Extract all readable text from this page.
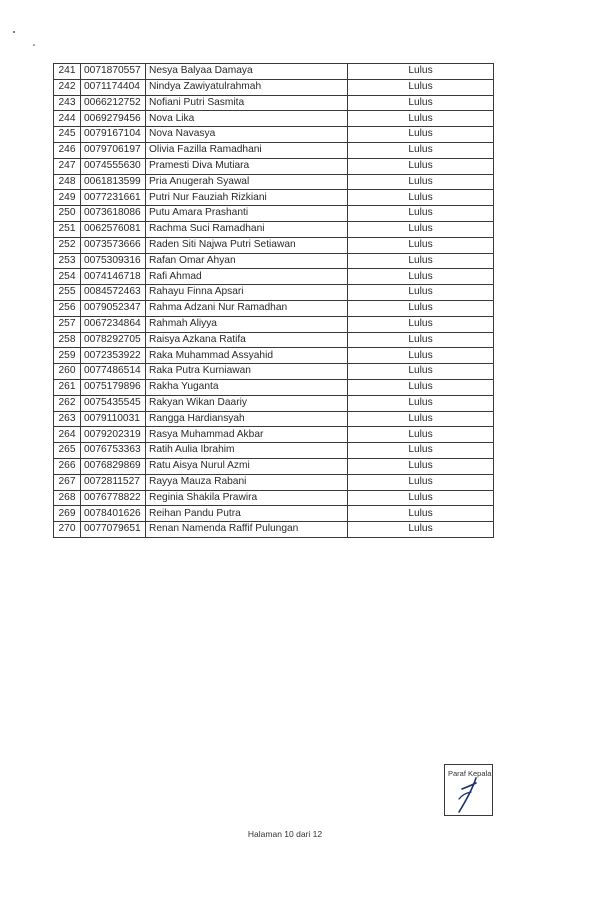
241	0071870557	Nesya Balyaa Damaya	Lulus
242	0071174404	Nindya Zawiyatulrahmah	Lulus
243	0066212752	Nofiani Putri Sasmita	Lulus
244	0069279456	Nova Lika	Lulus
245	0079167104	Nova Navasya	Lulus
246	0079706197	Olivia Fazilla Ramadhani	Lulus
247	0074555630	Pramesti Diva Mutiara	Lulus
248	0061813599	Pria Anugerah Syawal	Lulus
249	0077231661	Putri Nur Fauziah Rizkiani	Lulus
250	0073618086	Putu Amara Prashanti	Lulus
251	0062576081	Rachma Suci Ramadhani	Lulus
252	0073573666	Raden Siti Najwa Putri Setiawan	Lulus
253	0075309316	Rafan Omar Ahyan	Lulus
254	0074146718	Rafi Ahmad	Lulus
255	0084572463	Rahayu Finna Apsari	Lulus
256	0079052347	Rahma Adzani Nur Ramadhan	Lulus
257	0067234864	Rahmah Aliyya	Lulus
258	0078292705	Raisya Azkana Ratifa	Lulus
259	0072353922	Raka Muhammad Assyahid	Lulus
260	0077486514	Raka Putra Kurniawan	Lulus
261	0075179896	Rakha Yuganta	Lulus
262	0075435545	Rakyan Wikan Daariy	Lulus
263	0079110031	Rangga Hardiansyah	Lulus
264	0079202319	Rasya Muhammad Akbar	Lulus
265	0076753363	Ratih Aulia Ibrahim	Lulus
266	0076829869	Ratu Aisya Nurul Azmi	Lulus
267	0072811527	Rayya Mauza Rabani	Lulus
268	0076778822	Reginia Shakila Prawira	Lulus
269	0078401626	Reihan Pandu Putra	Lulus
270	0077079651	Renan Namenda Raffif Pulungan	Lulus
Paraf Kepala
Halaman 10 dari 12
